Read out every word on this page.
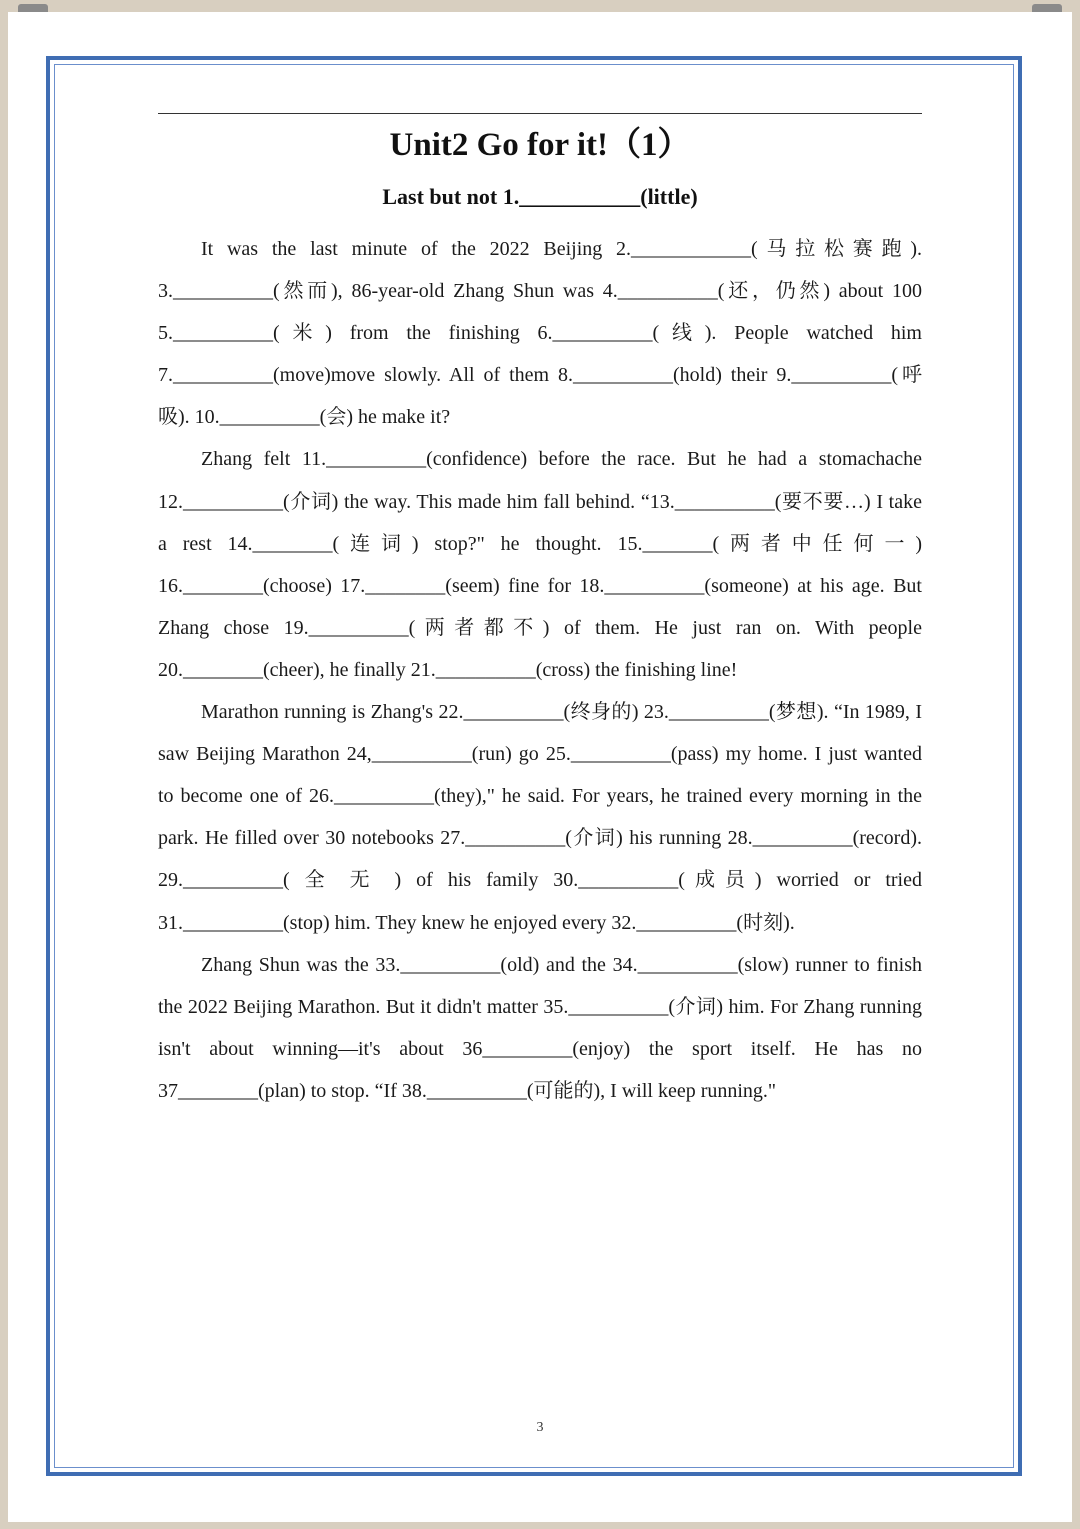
Unit2 Go for it!（1）
Last but not 1.___________(little)

It was the last minute of the 2022 Beijing 2.____________(马拉松赛跑). 3.__________(然而), 86-year-old Zhang Shun was 4.__________(还，仍然) about 100 5.__________(米) from the finishing 6.__________(线). People watched him 7.__________(move)move slowly. All of them 8.__________(hold) their 9.__________(呼吸). 10.__________(会) he make it?

Zhang felt 11.__________(confidence) before the race. But he had a stomachache 12.__________(介词) the way. This made him fall behind. “13.__________(要不要…) I take a rest 14.________(连词) stop?" he thought. 15._______(两者中任何一) 16.________(choose) 17.________(seem) fine for 18.__________(someone) at his age. But Zhang chose 19.__________(两者都不) of them. He just ran on. With people 20.________(cheer), he finally 21.__________(cross) the finishing line!

Marathon running is Zhang's 22.__________(终身的) 23.__________(梦想). “In 1989, I saw Beijing Marathon 24,__________(run) go 25.__________(pass) my home. I just wanted to become one of 26.__________(they)," he said. For years, he trained every morning in the park. He filled over 30 notebooks 27.__________(介词) his running 28.__________(record). 29.__________( 全 无 ) of his family 30.__________(成员) worried or tried 31.__________(stop) him. They knew he enjoyed every 32.__________(时刻).

Zhang Shun was the 33.__________(old) and the 34.__________(slow) runner to finish the 2022 Beijing Marathon. But it didn't matter 35.__________(介词) him. For Zhang running isn't about winning—it's about 36_________(enjoy) the sport itself. He has no 37________(plan) to stop. “If 38.__________(可能的), I will keep running."

3
